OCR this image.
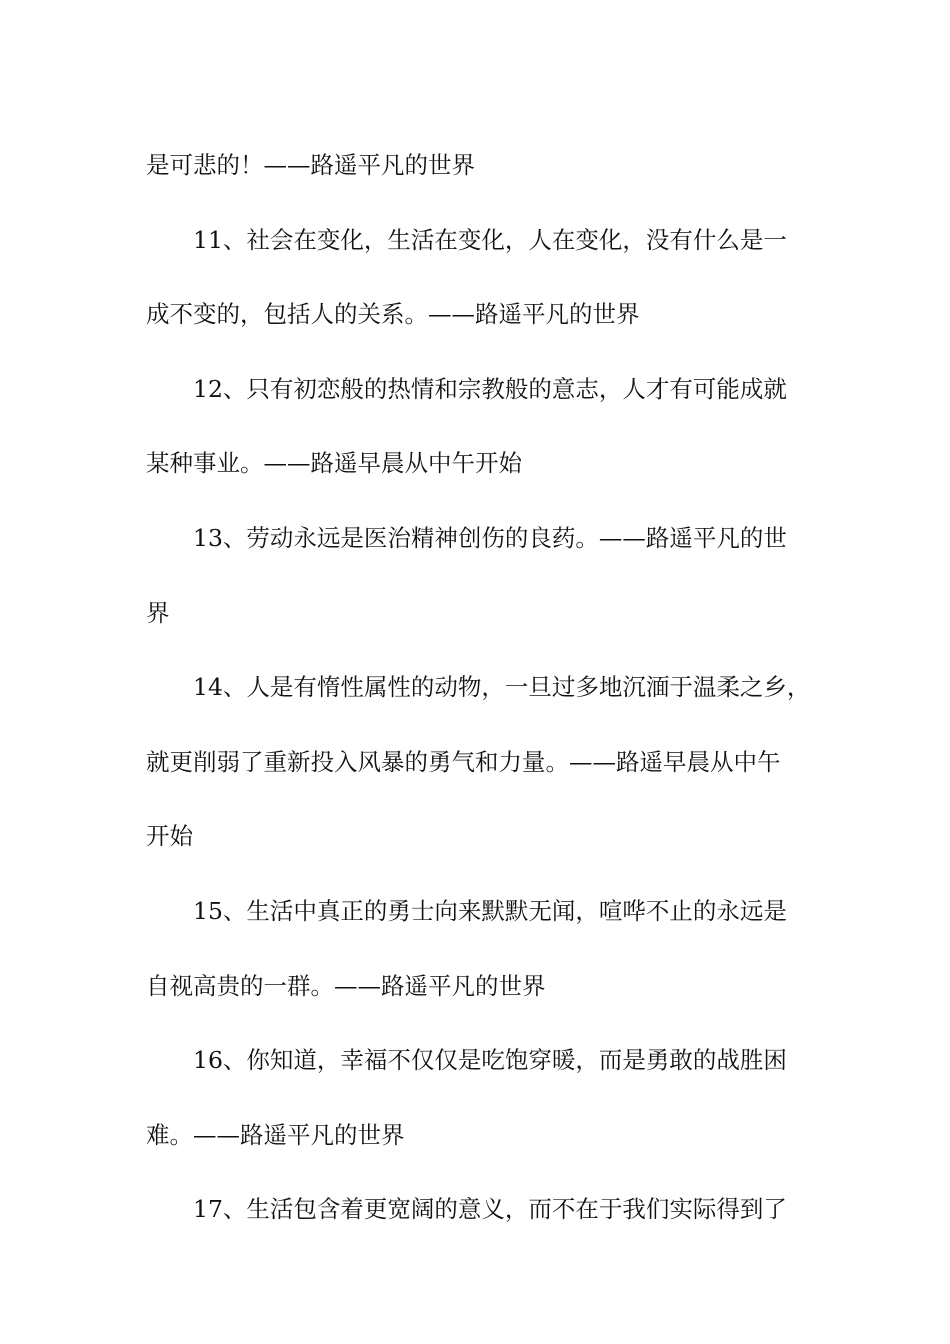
是可悲的！——路遥平凡的世界
11、社会在变化，生活在变化，人在变化，没有什么是一
成不变的，包括人的关系。——路遥平凡的世界
12、只有初恋般的热情和宗教般的意志，人才有可能成就
某种事业。——路遥早晨从中午开始
13、劳动永远是医治精神创伤的良药。——路遥平凡的世
界
14、人是有惰性属性的动物，一旦过多地沉湎于温柔之乡，
就更削弱了重新投入风暴的勇气和力量。——路遥早晨从中午
开始
15、生活中真正的勇士向来默默无闻，喧哗不止的永远是
自视高贵的一群。——路遥平凡的世界
16、你知道，幸福不仅仅是吃饱穿暖，而是勇敢的战胜困
难。——路遥平凡的世界
17、生活包含着更宽阔的意义，而不在于我们实际得到了
